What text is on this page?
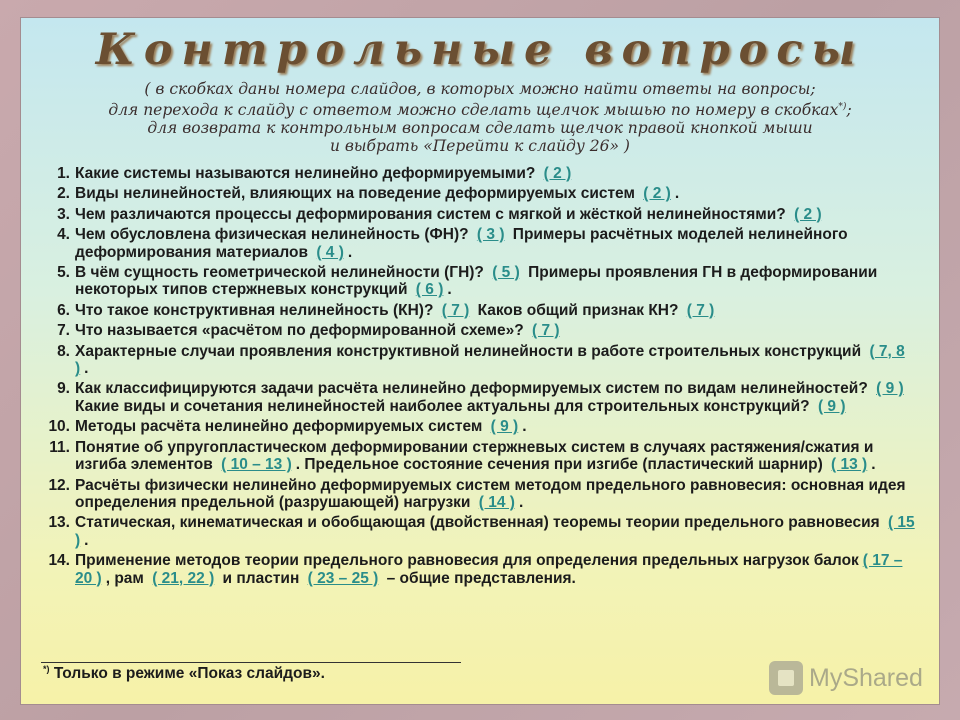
Контрольные вопросы
( в скобках даны номера слайдов, в которых можно найти ответы на вопросы;
для перехода к слайду с ответом можно сделать щелчок мышью по номеру в скобках*);
для возврата к контрольным вопросам сделать щелчок правой кнопкой мыши
и выбрать «Перейти к слайду 26» )
1. Какие системы называются нелинейно деформируемыми? ( 2 )
2. Виды нелинейностей, влияющих на поведение деформируемых систем ( 2 ) .
3. Чем различаются процессы деформирования систем с мягкой и жёсткой нелинейностями? ( 2 )
4. Чем обусловлена физическая нелинейность (ФН)? ( 3 ) Примеры расчётных моделей нелинейного деформирования материалов ( 4 ) .
5. В чём сущность геометрической нелинейности (ГН)? ( 5 ) Примеры проявления ГН в деформировании некоторых типов стержневых конструкций ( 6 ) .
6. Что такое конструктивная нелинейность (КН)? ( 7 ) Каков общий признак КН? ( 7 )
7. Что называется «расчётом по деформированной схеме»? ( 7 )
8. Характерные случаи проявления конструктивной нелинейности в работе строительных конструкций ( 7, 8 ) .
9. Как классифицируются задачи расчёта нелинейно деформируемых систем по видам нелинейностей? ( 9 ) Какие виды и сочетания нелинейностей наиболее актуальны для строительных конструкций? ( 9 )
10. Методы расчёта нелинейно деформируемых систем ( 9 ) .
11. Понятие об упругопластическом деформировании стержневых систем в случаях растяжения/сжатия и изгиба элементов ( 10 – 13 ) . Предельное состояние сечения при изгибе (пластический шарнир) ( 13 ) .
12. Расчёты физически нелинейно деформируемых систем методом предельного равновесия: основная идея определения предельной (разрушающей) нагрузки ( 14 ) .
13. Статическая, кинематическая и обобщающая (двойственная) теоремы теории предельного равновесия ( 15 ) .
14. Применение методов теории предельного равновесия для определения предельных нагрузок балок ( 17 – 20 ) , рам ( 21, 22 ) и пластин ( 23 – 25 ) – общие представления.
*) Только в режиме «Показ слайдов».	MyShared
